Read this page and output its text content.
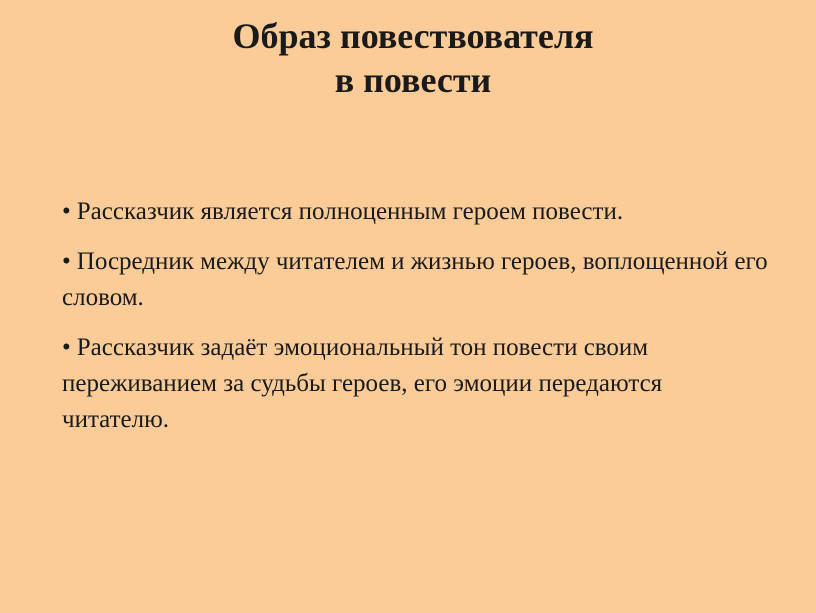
Образ повествователя
в повести
• Рассказчик является полноценным героем повести.
• Посредник между читателем и жизнью героев, воплощенной его словом.
• Рассказчик задаёт эмоциональный тон повести своим переживанием за судьбы героев, его эмоции передаются читателю.
